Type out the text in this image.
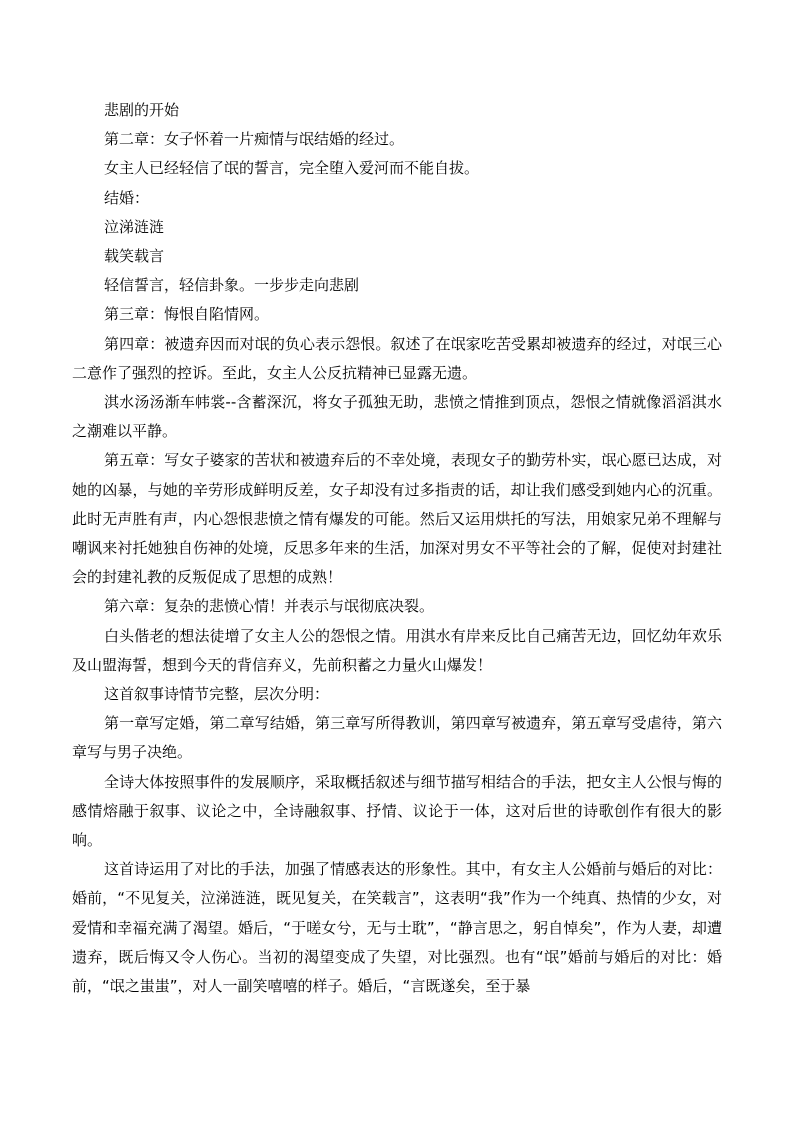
悲剧的开始

第二章：女子怀着一片痴情与氓结婚的经过。

女主人已经轻信了氓的誓言，完全堕入爱河而不能自拔。

结婚：

泣涕涟涟

载笑载言

轻信誓言，轻信卦象。一步步走向悲剧

第三章：悔恨自陷情网。

第四章：被遗弃因而对氓的负心表示怨恨。叙述了在氓家吃苦受累却被遗弃的经过，对氓三心二意作了强烈的控诉。至此，女主人公反抗精神已显露无遗。

淇水汤汤渐车帏裳--含蓄深沉，将女子孤独无助，悲愤之情推到顶点，怨恨之情就像滔滔淇水之潮难以平静。

第五章：写女子婆家的苦状和被遗弃后的不幸处境，表现女子的勤劳朴实，氓心愿已达成，对她的凶暴，与她的辛劳形成鲜明反差，女子却没有过多指责的话，却让我们感受到她内心的沉重。此时无声胜有声，内心怨恨悲愤之情有爆发的可能。然后又运用烘托的写法，用娘家兄弟不理解与嘲讽来衬托她独自伤神的处境，反思多年来的生活，加深对男女不平等社会的了解，促使对封建社会的封建礼教的反叛促成了思想的成熟！

第六章：复杂的悲愤心情！并表示与氓彻底决裂。

白头偕老的想法徒增了女主人公的怨恨之情。用淇水有岸来反比自己痛苦无边，回忆幼年欢乐及山盟海誓，想到今天的背信弃义，先前积蓄之力量火山爆发！

这首叙事诗情节完整，层次分明：

第一章写定婚，第二章写结婚，第三章写所得教训，第四章写被遗弃，第五章写受虐待，第六章写与男子决绝。

全诗大体按照事件的发展顺序，采取概括叙述与细节描写相结合的手法，把女主人公恨与悔的感情熔融于叙事、议论之中，全诗融叙事、抒情、议论于一体，这对后世的诗歌创作有很大的影响。

这首诗运用了对比的手法，加强了情感表达的形象性。其中，有女主人公婚前与婚后的对比：婚前，“不见复关，泣涕涟涟，既见复关，在笑载言”，这表明“我”作为一个纯真、热情的少女，对爱情和幸福充满了渴望。婚后，“于嗟女兮，无与士耽”，“静言思之，躬自悼矣”，作为人妻，却遭遗弃，既后悔又令人伤心。当初的渴望变成了失望，对比强烈。也有“氓”婚前与婚后的对比：婚前，“氓之蚩蚩”，对人一副笑嘻嘻的样子。婚后，“言既遂矣，至于暴
